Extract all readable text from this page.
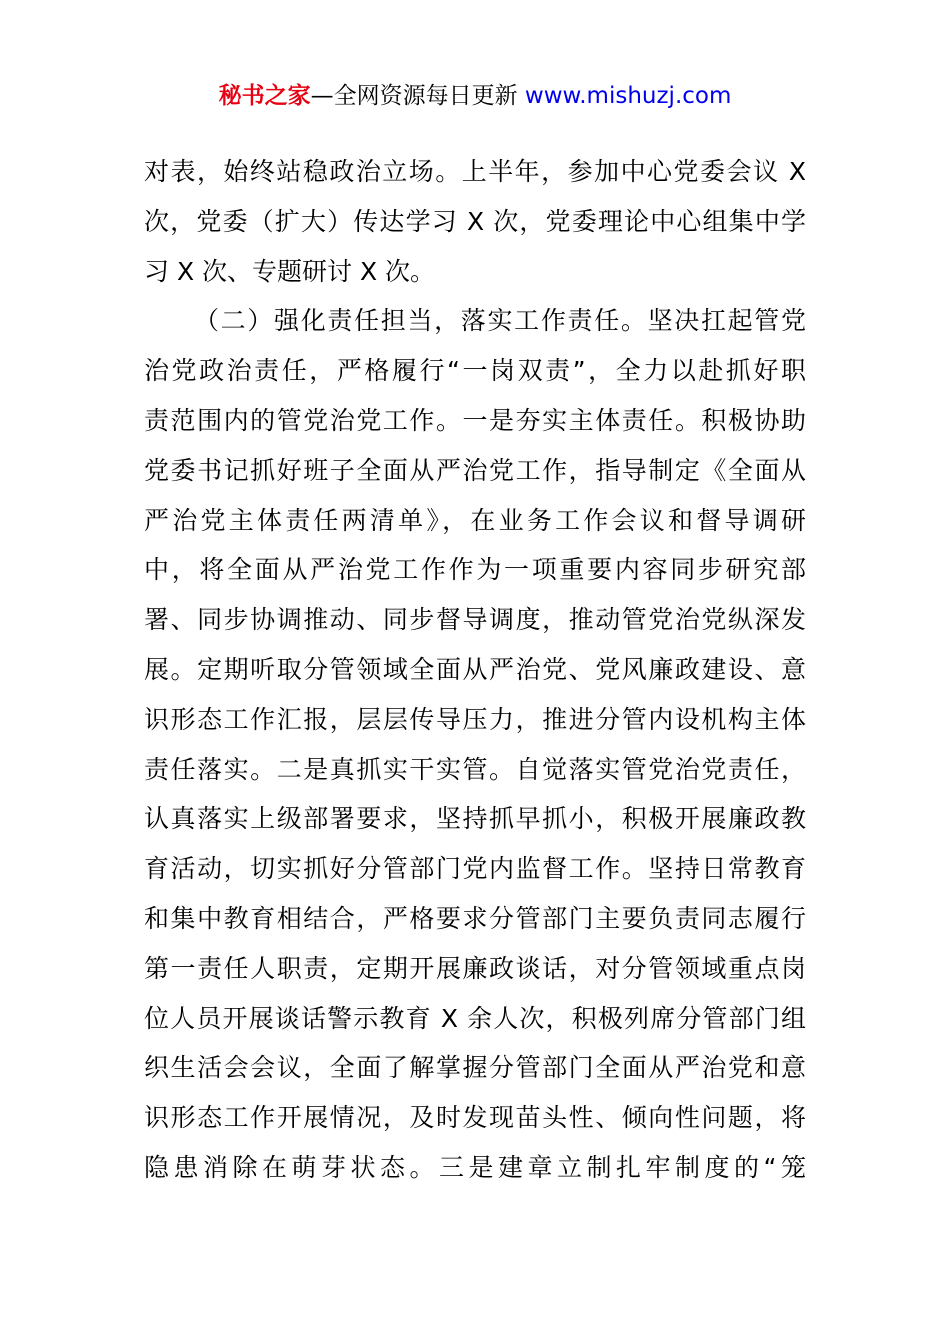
秘书之家—全网资源每日更新 www.mishuzj.com
对表，始终站稳政治立场。上半年，参加中心党委会议 X
次，党委（扩大）传达学习 X 次，党委理论中心组集中学
习 X 次、专题研讨 X 次。
（二）强化责任担当，落实工作责任。坚决扛起管党
治党政治责任，严格履行“一岗双责”，全力以赴抓好职
责范围内的管党治党工作。一是夯实主体责任。积极协助
党委书记抓好班子全面从严治党工作，指导制定《全面从
严治党主体责任两清单》，在业务工作会议和督导调研
中，将全面从严治党工作作为一项重要内容同步研究部
署、同步协调推动、同步督导调度，推动管党治党纵深发
展。定期听取分管领域全面从严治党、党风廉政建设、意
识形态工作汇报，层层传导压力，推进分管内设机构主体
责任落实。二是真抓实干实管。自觉落实管党治党责任，
认真落实上级部署要求，坚持抓早抓小，积极开展廉政教
育活动，切实抓好分管部门党内监督工作。坚持日常教育
和集中教育相结合，严格要求分管部门主要负责同志履行
第一责任人职责，定期开展廉政谈话，对分管领域重点岗
位人员开展谈话警示教育 X 余人次，积极列席分管部门组
织生活会会议，全面了解掌握分管部门全面从严治党和意
识形态工作开展情况，及时发现苗头性、倾向性问题，将
隐患消除在萌芽状态。三是建章立制扎牢制度的“笼
